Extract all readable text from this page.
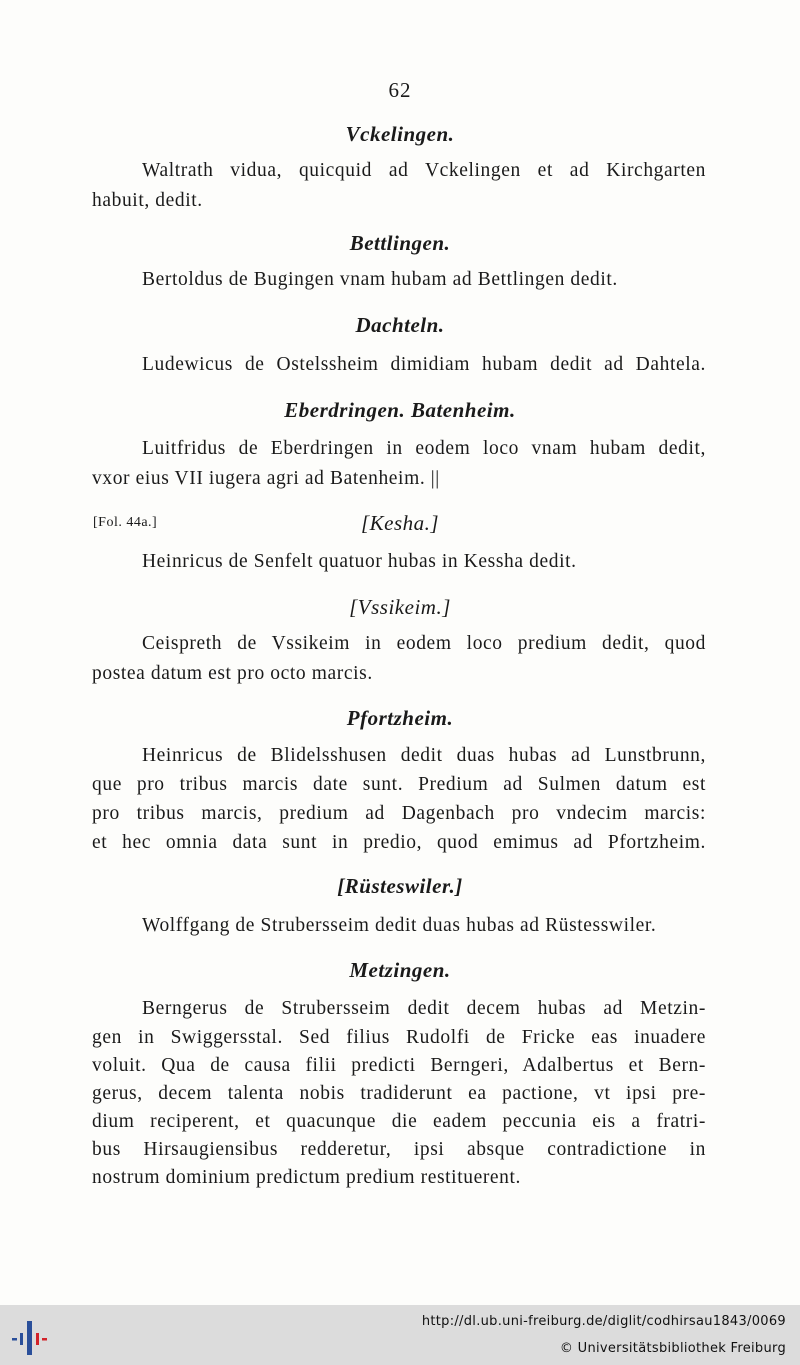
62
Vckelingen.
Waltrath vidua, quicquid ad Vckelingen et ad Kirchgarten
habuit, dedit.
Bettlingen.
Bertoldus de Bugingen vnam hubam ad Bettlingen dedit.
Dachteln.
Ludewicus de Ostelssheim dimidiam hubam dedit ad Dahtela.
Eberdringen. Batenheim.
Luitfridus de Eberdringen in eodem loco vnam hubam dedit,
vxor eius VII iugera agri ad Batenheim. ||
[Fol. 44a.]	[Kesha.]
Heinricus de Senfelt quatuor hubas in Kessha dedit.
[Vssikeim.]
Ceispreth de Vssikeim in eodem loco predium dedit, quod
postea datum est pro octo marcis.
Pfortzheim.
Heinricus de Blidelsshusen dedit duas hubas ad Lunstbrunn,
que pro tribus marcis date sunt. Predium ad Sulmen datum est
pro tribus marcis, predium ad Dagenbach pro vndecim marcis:
et hec omnia data sunt in predio, quod emimus ad Pfortzheim.
[Rüsteswiler.]
Wolffgang de Strubersseim dedit duas hubas ad Rüstesswiler.
Metzingen.
Berngerus de Strubersseim dedit decem hubas ad Metzin-
gen in Swiggersstal. Sed filius Rudolfi de Fricke eas inuadere
voluit. Qua de causa filii predicti Berngeri, Adalbertus et Bern-
gerus, decem talenta nobis tradiderunt ea pactione, vt ipsi pre-
dium reciperent, et quacunque die eadem peccunia eis a fratri-
bus Hirsaugiensibus redderetur, ipsi absque contradictione in
nostrum dominium predictum predium restituerent.
http://dl.ub.uni-freiburg.de/diglit/codhirsau1843/0069
© Universitätsbibliothek Freiburg
